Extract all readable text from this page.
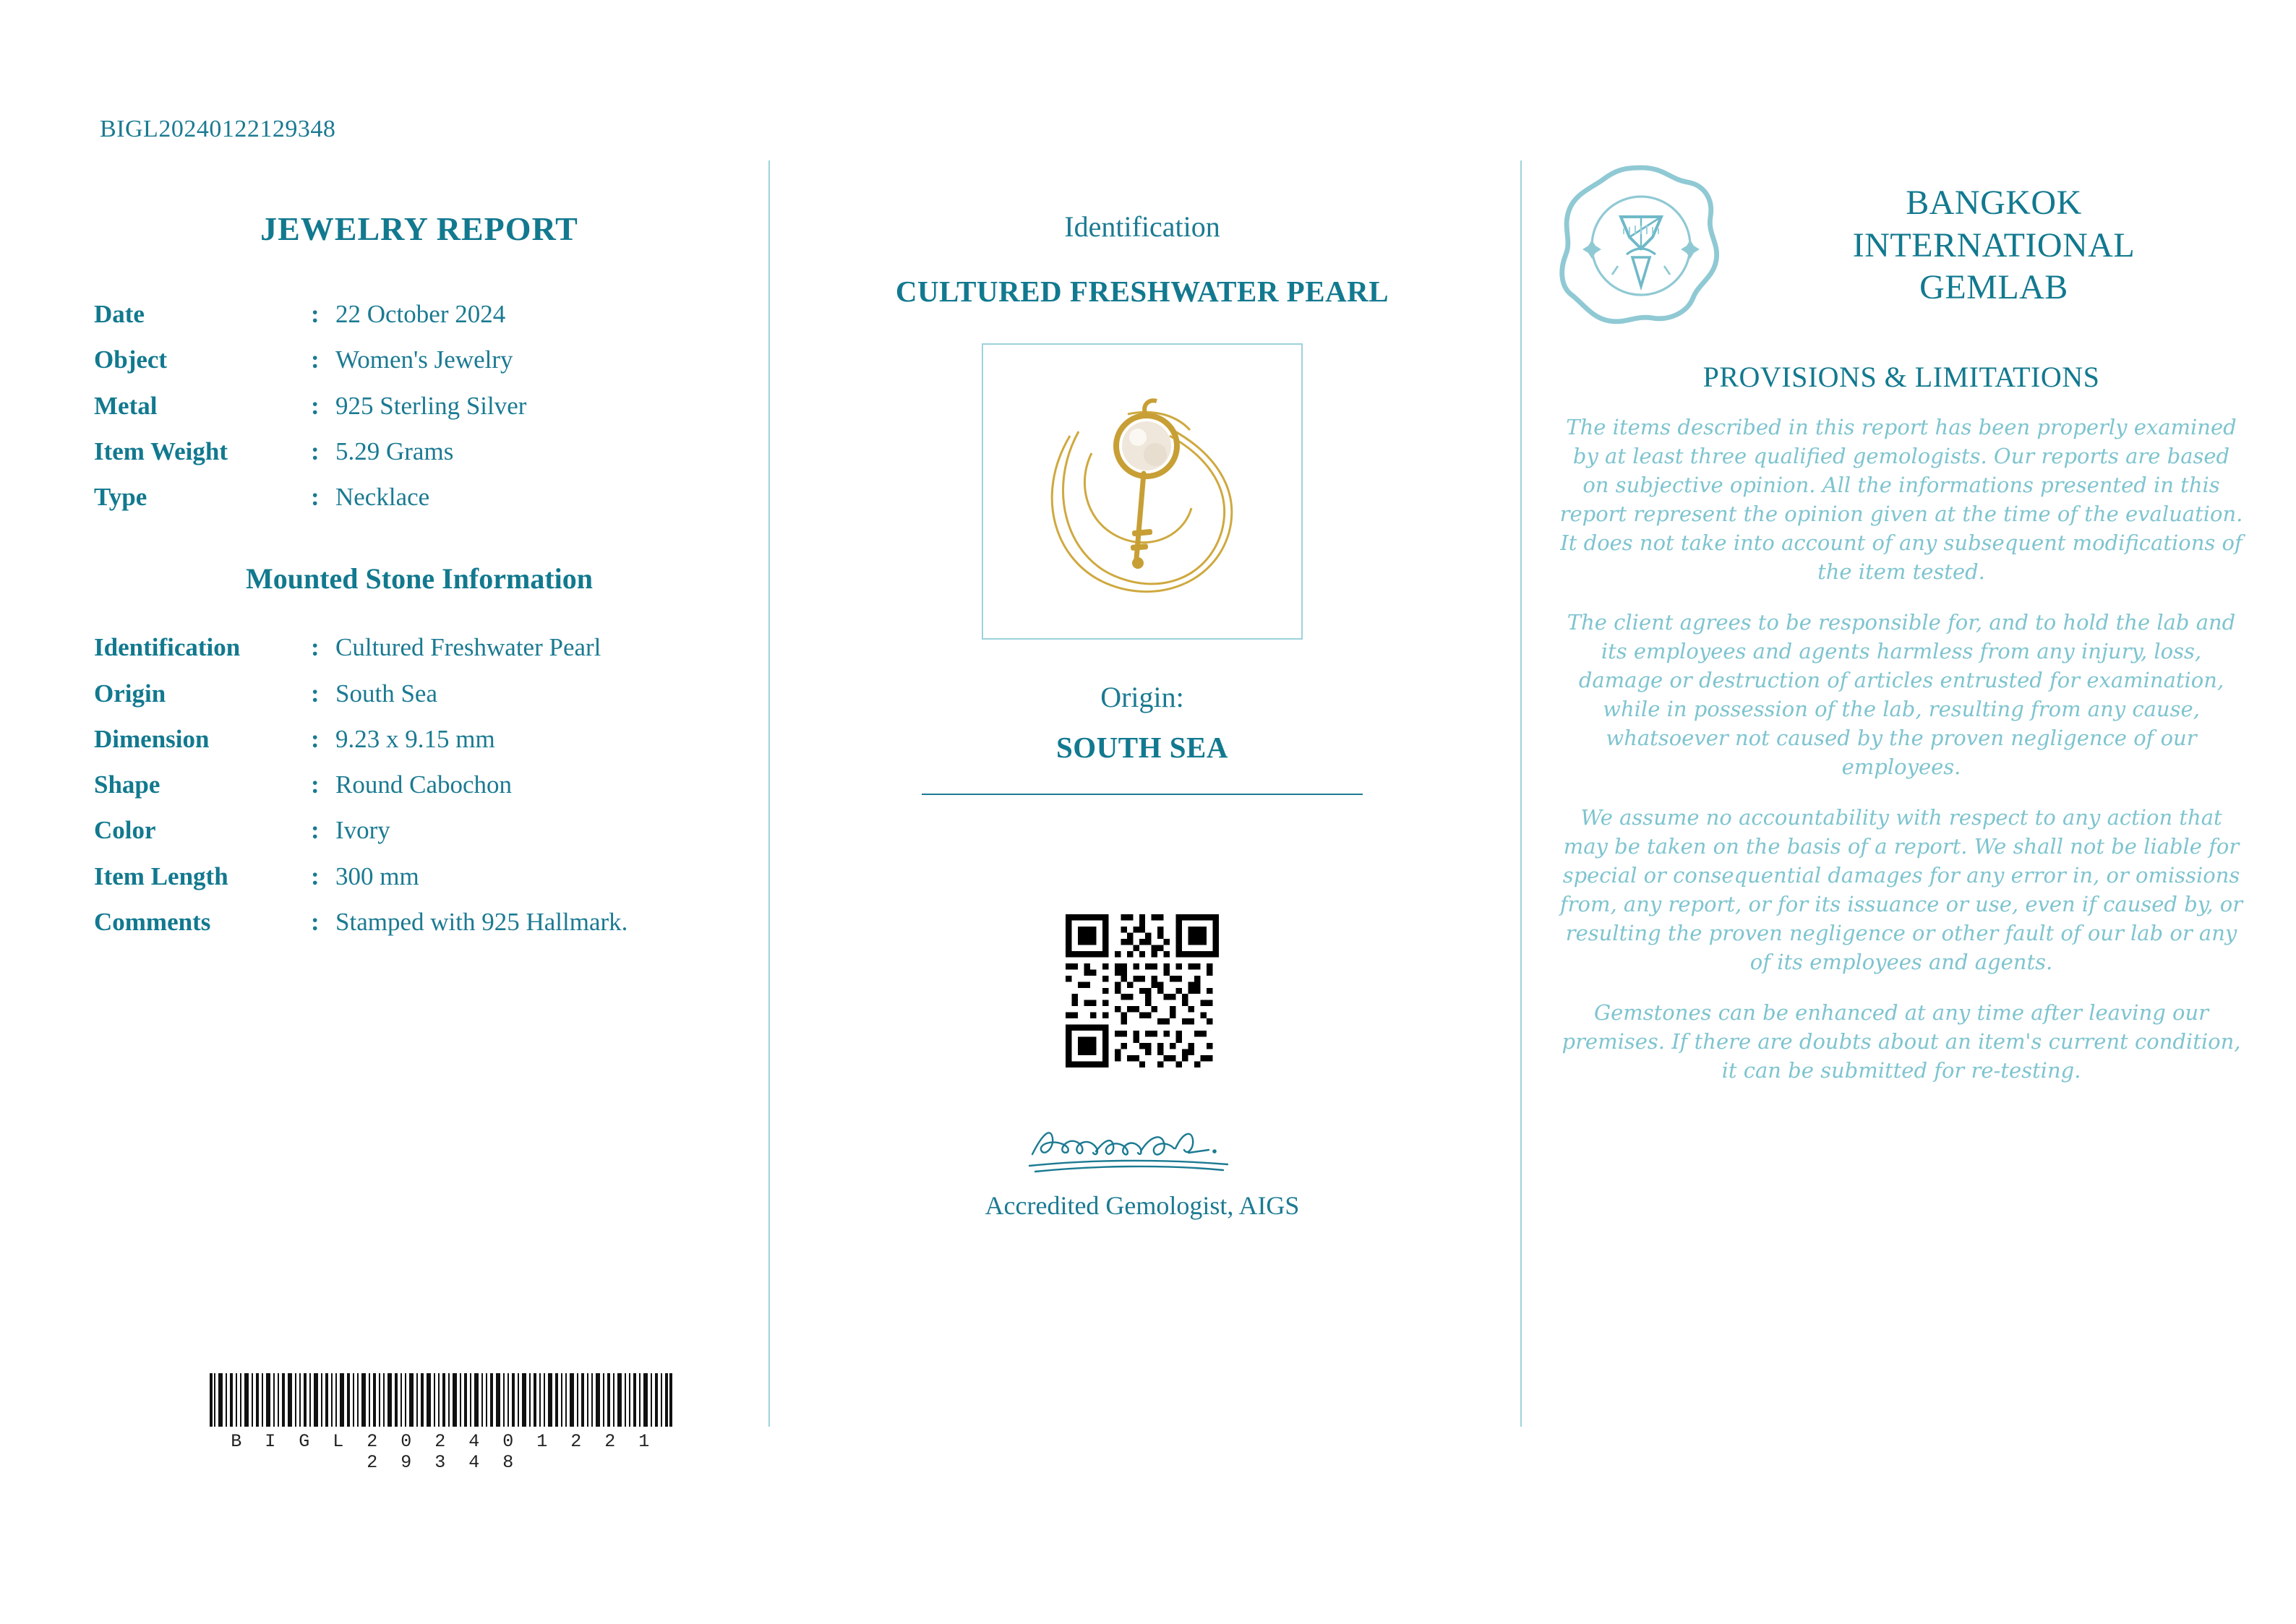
BIGL20240122129348
JEWELRY REPORT
Date	:	22 October 2024
Object	:	Women's Jewelry
Metal	:	925 Sterling Silver
Item Weight	:	5.29 Grams
Type	:	Necklace
Mounted Stone Information
Identification	:	Cultured Freshwater Pearl
Origin	:	South Sea
Dimension	:	9.23 x 9.15 mm
Shape	:	Round Cabochon
Color	:	Ivory
Item Length	:	300 mm
Comments	:	Stamped with 925 Hallmark.
B I G L 2 0 2 4 0 1 2 2 1 2 9 3 4 8
Identification
CULTURED FRESHWATER PEARL
Origin:
SOUTH SEA
Accredited Gemologist, AIGS
BANGKOK
INTERNATIONAL
GEMLAB
PROVISIONS & LIMITATIONS

The items described in this report has been properly examined by at least three qualified gemologists. Our reports are based on subjective opinion. All the informations presented in this report represent the opinion given at the time of the evaluation. It does not take into account of any subsequent modifications of the item tested.

The client agrees to be responsible for, and to hold the lab and its employees and agents harmless from any injury, loss, damage or destruction of articles entrusted for examination, while in possession of the lab, resulting from any cause, whatsoever not caused by the proven negligence of our employees.

We assume no accountability with respect to any action that may be taken on the basis of a report. We shall not be liable for special or consequential damages for any error in, or omissions from, any report, or for its issuance or use, even if caused by, or resulting the proven negligence or other fault of our lab or any of its employees and agents.

Gemstones can be enhanced at any time after leaving our premises. If there are doubts about an item's current condition, it can be submitted for re-testing.
